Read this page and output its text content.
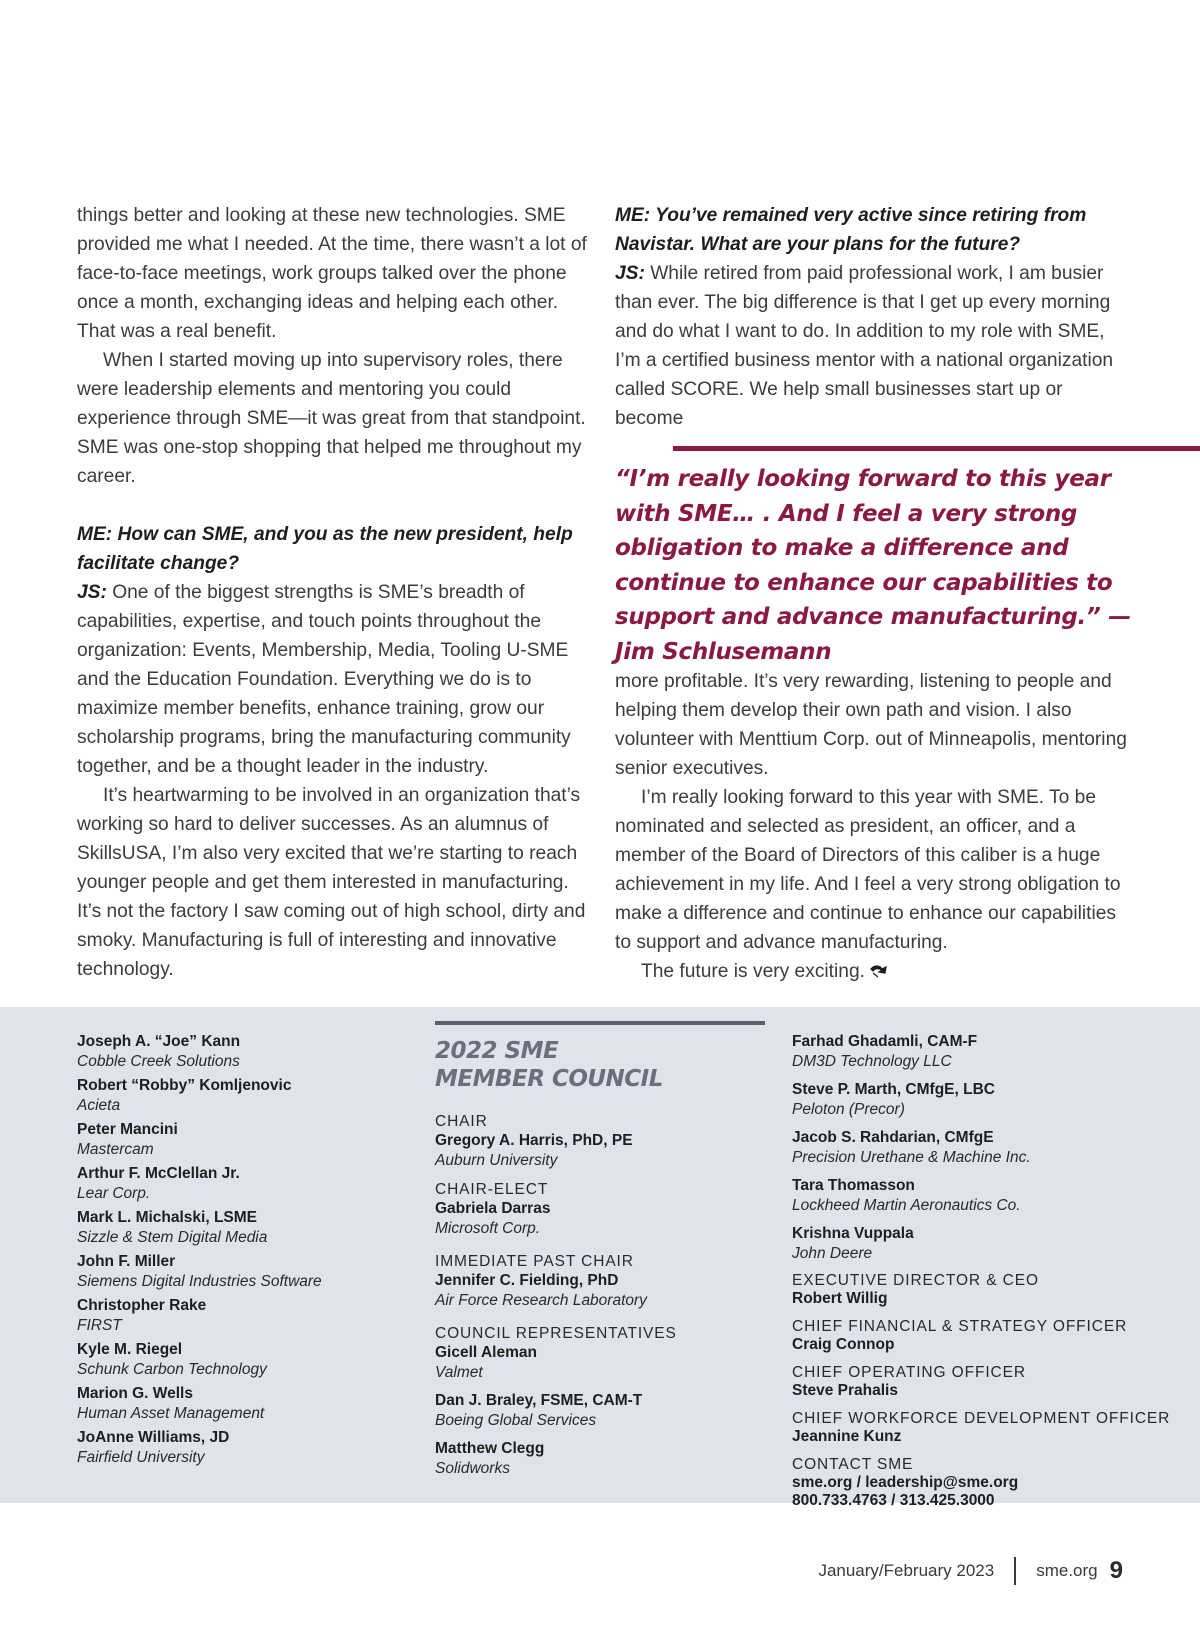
things better and looking at these new technologies. SME provided me what I needed. At the time, there wasn’t a lot of face-to-face meetings, work groups talked over the phone once a month, exchanging ideas and helping each other. That was a real benefit.

When I started moving up into supervisory roles, there were leadership elements and mentoring you could experience through SME—it was great from that standpoint. SME was one-stop shopping that helped me throughout my career.

ME: How can SME, and you as the new president, help facilitate change?

JS: One of the biggest strengths is SME’s breadth of capabilities, expertise, and touch points throughout the organization: Events, Membership, Media, Tooling U-SME and the Education Foundation. Everything we do is to maximize member benefits, enhance training, grow our scholarship programs, bring the manufacturing community together, and be a thought leader in the industry.

It’s heartwarming to be involved in an organization that’s working so hard to deliver successes. As an alumnus of SkillsUSA, I’m also very excited that we’re starting to reach younger people and get them interested in manufacturing. It’s not the factory I saw coming out of high school, dirty and smoky. Manufacturing is full of interesting and innovative technology.

ME: You’ve remained very active since retiring from Navistar. What are your plans for the future?

JS: While retired from paid professional work, I am busier than ever. The big difference is that I get up every morning and do what I want to do. In addition to my role with SME, I’m a certified business mentor with a national organization called SCORE. We help small businesses start up or become

“I’m really looking forward to this year with SME… . And I feel a very strong obligation to make a difference and continue to enhance our capabilities to support and advance manufacturing.” — Jim Schlusemann

more profitable. It’s very rewarding, listening to people and helping them develop their own path and vision. I also volunteer with Menttium Corp. out of Minneapolis, mentoring senior executives.

I’m really looking forward to this year with SME. To be nominated and selected as president, an officer, and a member of the Board of Directors of this caliber is a huge achievement in my life. And I feel a very strong obligation to make a difference and continue to enhance our capabilities to support and advance manufacturing.

The future is very exciting.

Joseph A. “Joe” Kann
Cobble Creek Solutions
Robert “Robby” Komljenovic
Acieta
Peter Mancini
Mastercam
Arthur F. McClellan Jr.
Lear Corp.
Mark L. Michalski, LSME
Sizzle & Stem Digital Media
John F. Miller
Siemens Digital Industries Software
Christopher Rake
FIRST
Kyle M. Riegel
Schunk Carbon Technology
Marion G. Wells
Human Asset Management
JoAnne Williams, JD
Fairfield University
2022 SME
MEMBER COUNCIL
CHAIR
Gregory A. Harris, PhD, PE
Auburn University
CHAIR-ELECT
Gabriela Darras
Microsoft Corp.
IMMEDIATE PAST CHAIR
Jennifer C. Fielding, PhD
Air Force Research Laboratory
COUNCIL REPRESENTATIVES
Gicell Aleman
Valmet
Dan J. Braley, FSME, CAM-T
Boeing Global Services
Matthew Clegg
Solidworks
Farhad Ghadamli, CAM-F
DM3D Technology LLC
Steve P. Marth, CMfgE, LBC
Peloton (Precor)
Jacob S. Rahdarian, CMfgE
Precision Urethane & Machine Inc.
Tara Thomasson
Lockheed Martin Aeronautics Co.
Krishna Vuppala
John Deere
EXECUTIVE DIRECTOR & CEO
Robert Willig
CHIEF FINANCIAL & STRATEGY OFFICER
Craig Connop
CHIEF OPERATING OFFICER
Steve Prahalis
CHIEF WORKFORCE DEVELOPMENT OFFICER
Jeannine Kunz
CONTACT SME
sme.org / leadership@sme.org
800.733.4763 / 313.425.3000
January/February 2023 sme.org 9
